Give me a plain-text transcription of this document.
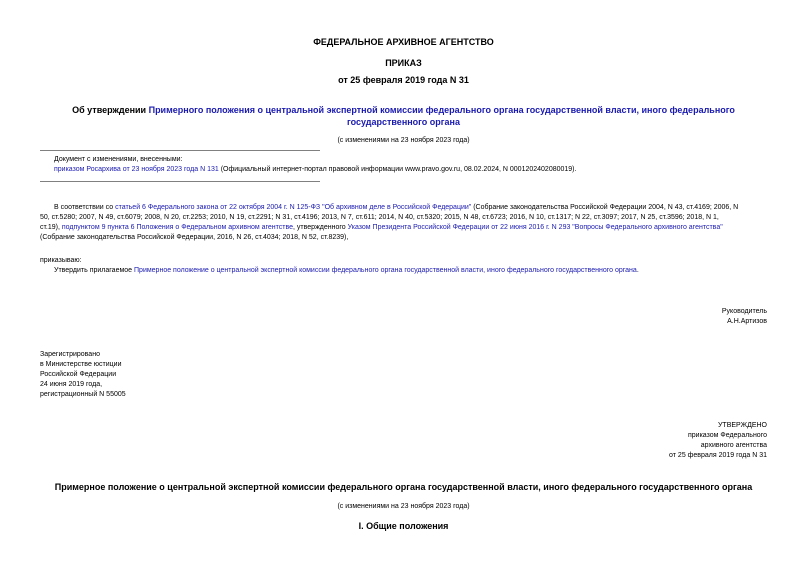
ФЕДЕРАЛЬНОЕ АРХИВНОЕ АГЕНТСТВО
ПРИКАЗ
от 25 февраля 2019 года N 31
Об утверждении Примерного положения о центральной экспертной комиссии федерального органа государственной власти, иного федерального
государственного органа
(с изменениями на 23 ноября 2023 года)
Документ с изменениями, внесенными:
приказом Росархива от 23 ноября 2023 года N 131 (Официальный интернет-портал правовой информации www.pravo.gov.ru, 08.02.2024, N 0001202402080019).
В соответствии со статьей 6 Федерального закона от 22 октября 2004 г. N 125-ФЗ "Об архивном деле в Российской Федерации" (Собрание законодательства Российской Федерации 2004, N 43, ст.4169; 2006, N
50, ст.5280; 2007, N 49, ст.6079; 2008, N 20, ст.2253; 2010, N 19, ст.2291; N 31, ст.4196; 2013, N 7, ст.611; 2014, N 40, ст.5320; 2015, N 48, ст.6723; 2016, N 10, ст.1317; N 22, ст.3097; 2017, N 25, ст.3596; 2018, N 1,
ст.19), подпунктом 9 пункта 6 Положения о Федеральном архивном агентстве, утвержденного Указом Президента Российской Федерации от 22 июня 2016 г. N 293 "Вопросы Федерального архивного агентства"
(Собрание законодательства Российской Федерации, 2016, N 26, ст.4034; 2018, N 52, ст.8239),
приказываю:
Утвердить прилагаемое Примерное положение о центральной экспертной комиссии федерального органа государственной власти, иного федерального государственного органа.
Руководитель
А.Н.Артизов
Зарегистрировано
в Министерстве юстиции
Российской Федерации
24 июня 2019 года,
регистрационный N 55005
УТВЕРЖДЕНО
приказом Федерального
архивного агентства
от 25 февраля 2019 года N 31
Примерное положение о центральной экспертной комиссии федерального органа государственной власти, иного федерального государственного органа
(с изменениями на 23 ноября 2023 года)
I. Общие положения
